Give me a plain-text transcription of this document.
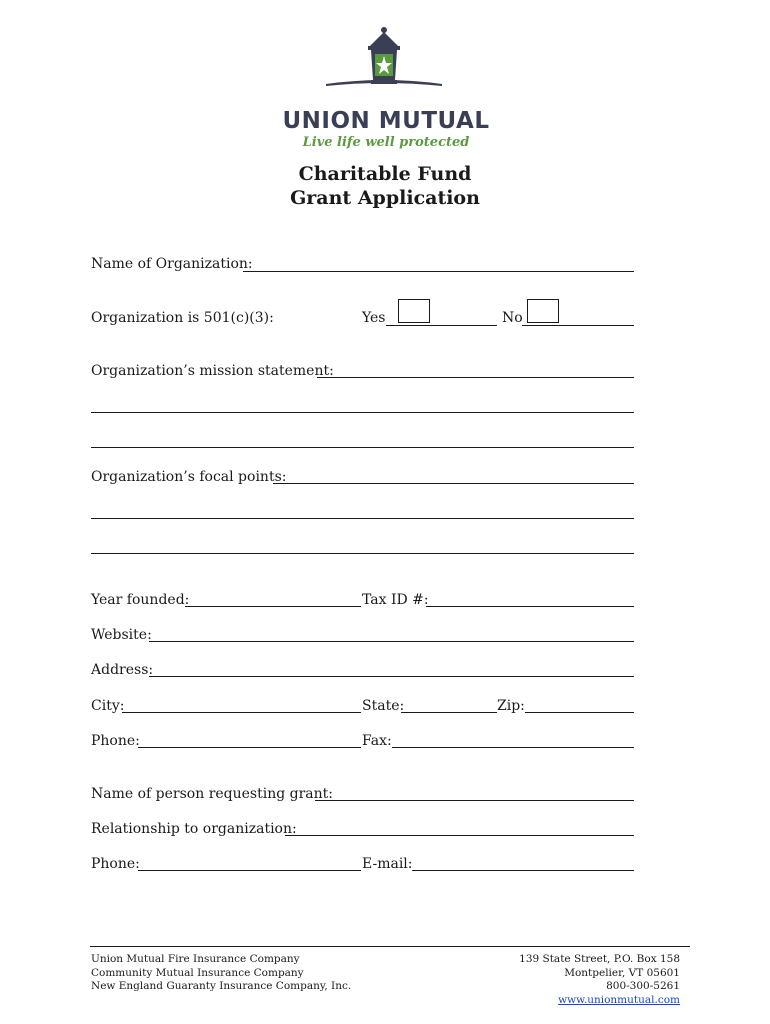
UNION MUTUAL
Live life well protected
Charitable Fund
Grant Application
Name of Organization:
Organization is 501(c)(3):	Yes	No
Organization’s mission statement:
Organization’s focal points:
Year founded:	Tax ID #:
Website:
Address:
City:	State:	Zip:
Phone:	Fax:
Name of person requesting grant:
Relationship to organization:
Phone:	E-mail:
Union Mutual Fire Insurance Company
Community Mutual Insurance Company
New England Guaranty Insurance Company, Inc.
139 State Street, P.O. Box 158
Montpelier, VT 05601
800-300-5261
www.unionmutual.com
